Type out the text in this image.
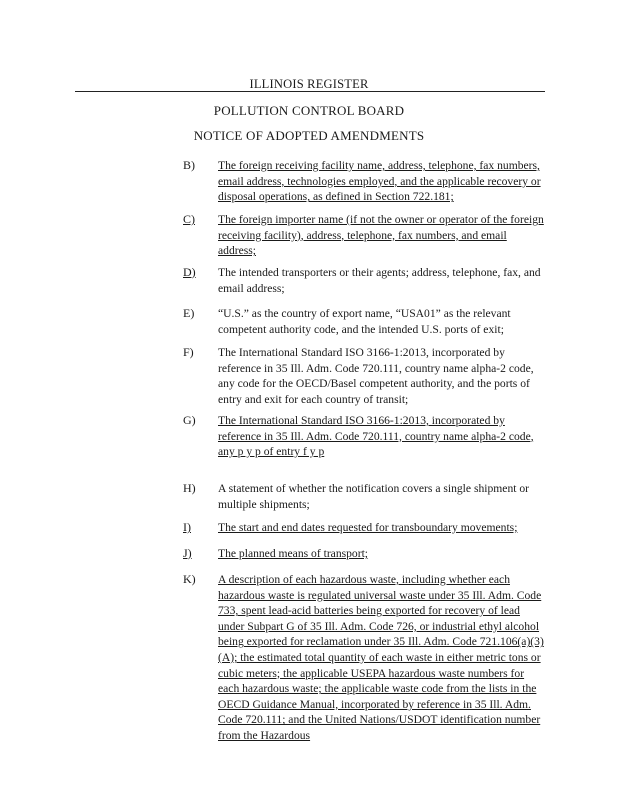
ILLINOIS REGISTER
POLLUTION CONTROL BOARD
NOTICE OF ADOPTED AMENDMENTS
B) The foreign receiving facility name, address, telephone, fax numbers, email address, technologies employed, and the applicable recovery or disposal operations, as defined in Section 722.181;
C) The foreign importer name (if not the owner or operator of the foreign receiving facility), address, telephone, fax numbers, and email address;
D) The intended transporters or their agents; address, telephone, fax, and email address;
E) “U.S.” as the country of export name, “USA01” as the relevant competent authority code, and the intended U.S. ports of exit;
F) The International Standard ISO 3166-1:2013, incorporated by reference in 35 Ill. Adm. Code 720.111, country name alpha-2 code, any code for the OECD/Basel competent authority, and the ports of entry and exit for each country of transit;
G) The International Standard ISO 3166-1:2013, incorporated by reference in 35 Ill. Adm. Code 720.111, country name alpha-2 code, any p y p of entry f y p
H) A statement of whether the notification covers a single shipment or multiple shipments;
I) The start and end dates requested for transboundary movements;
J) The planned means of transport;
K) A description of each hazardous waste, including whether each hazardous waste is regulated universal waste under 35 Ill. Adm. Code 733, spent lead-acid batteries being exported for recovery of lead under Subpart G of 35 Ill. Adm. Code 726, or industrial ethyl alcohol being exported for reclamation under 35 Ill. Adm. Code 721.106(a)(3)(A); the estimated total quantity of each waste in either metric tons or cubic meters; the applicable USEPA hazardous waste numbers for each hazardous waste; the applicable waste code from the lists in the OECD Guidance Manual, incorporated by reference in 35 Ill. Adm. Code 720.111; and the United Nations/USDOT identification number from the Hazardous
